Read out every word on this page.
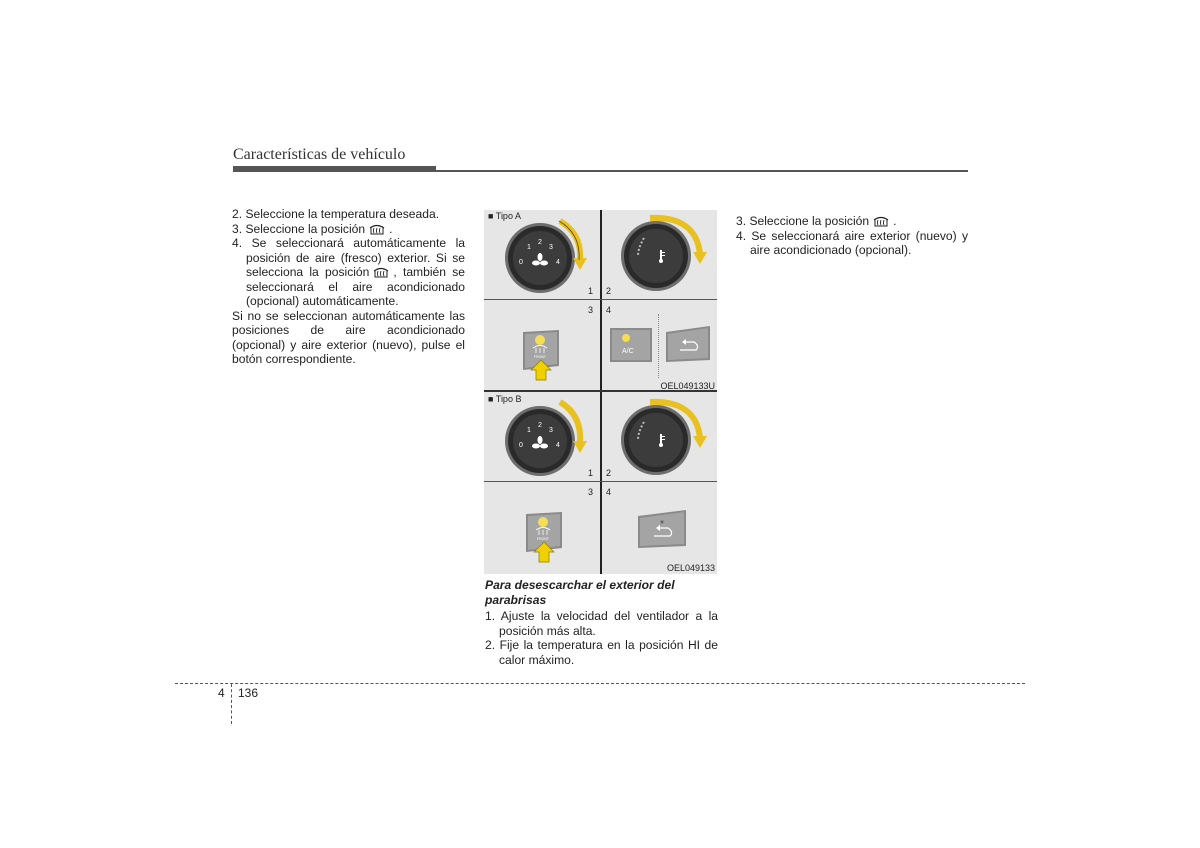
Características de vehículo

2. Seleccione la temperatura deseada.

3. Seleccione la posición .

4. Se seleccionará automáticamente la posición de aire (fresco) exterior. Si se selecciona la posición , también se seleccionará el aire acondicionado (opcional) automáticamente.

Si no se seleccionan automáticamente las posiciones de aire acondicionado (opcional) y aire exterior (nuevo), pulse el botón correspondiente.

■ Tipo A
■ Tipo B
0
1
2
3
4
1 2
3 4
FRONT
A/C
OEL049133U
0
1
2
3
4
1 2
3 4
FRONT
OEL049133

Para desescarchar el exterior del parabrisas

1. Ajuste la velocidad del ventilador a la posición más alta.

2. Fije la temperatura en la posición HI de calor máximo.

3. Seleccione la posición .

4. Se seleccionará aire exterior (nuevo) y aire acondicionado (opcional).

4 136
